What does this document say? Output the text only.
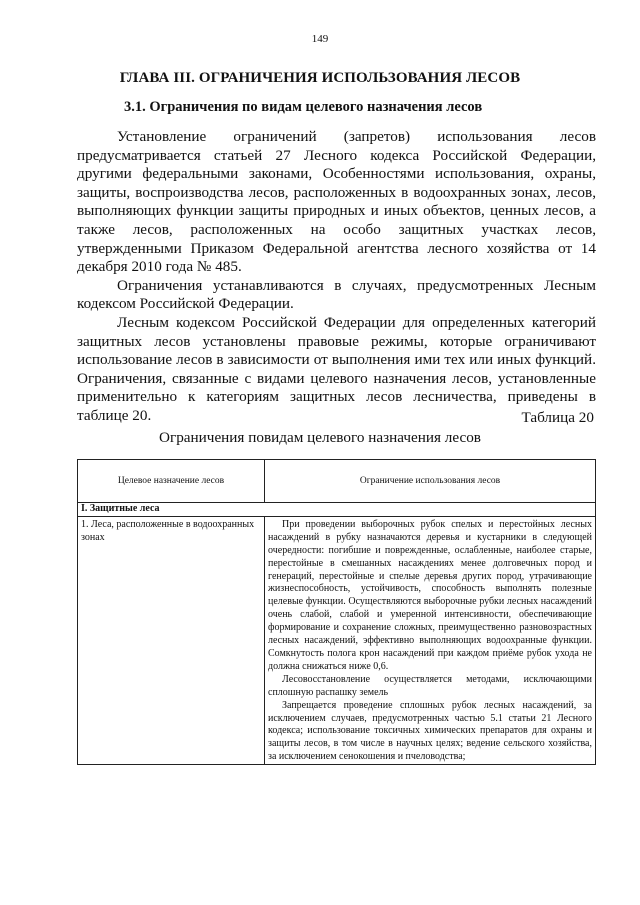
149
ГЛАВА III. ОГРАНИЧЕНИЯ ИСПОЛЬЗОВАНИЯ ЛЕСОВ
3.1. Ограничения по видам целевого назначения лесов

Установление ограничений (запретов) использования лесов предусматривается статьей 27 Лесного кодекса Российской Федерации, другими федеральными законами, Особенностями использования, охраны, защиты, воспроизводства лесов, расположенных в водоохранных зонах, лесов, выполняющих функции защиты природных и иных объектов, ценных лесов, а также лесов, расположенных на особо защитных участках лесов, утвержденными Приказом Федеральной агентства лесного хозяйства от 14 декабря 2010 года № 485.

Ограничения устанавливаются в случаях, предусмотренных Лесным кодексом Российской Федерации.

Лесным кодексом Российской Федерации для определенных категорий защитных лесов установлены правовые режимы, которые ограничивают использование лесов в зависимости от выполнения ими тех или иных функций. Ограничения, связанные с видами целевого назначения лесов, установленные применительно к категориям защитных лесов лесничества, приведены в таблице 20.	Таблица 20
Ограничения повидам целевого назначения лесов
Целевое назначение лесов	Ограничение использования лесов
I. Защитные леса	
1. Леса, расположенные в водоохранных зонах	При проведении выборочных рубок спелых и перестойных лесных насаждений в рубку назначаются деревья и кустарники в следующей очередности: погибшие и поврежденные, ослабленные, наиболее старые, перестойные в смешанных насаждениях менее долговечных пород и генераций, перестойные и спелые деревья других пород, утрачивающие жизнеспособность, устойчивость, способность выполнять полезные целевые функции. Осуществляются выборочные рубки лесных насаждений очень слабой, слабой и умеренной интенсивности, обеспечивающие формирование и сохранение сложных, преимущественно разновозрастных лесных насаждений, эффективно выполняющих водоохранные функции. Сомкнутость полога крон насаждений при каждом приёме рубок ухода не должна снижаться ниже 0,6.

Лесовосстановление осуществляется методами, исключающими сплошную распашку земель

Запрещается проведение сплошных рубок лесных насаждений, за исключением случаев, предусмотренных частью 5.1 статьи 21 Лесного кодекса; использование токсичных химических препаратов для охраны и защиты лесов, в том числе в научных целях; ведение сельского хозяйства, за исключением сенокошения и пчеловодства;
